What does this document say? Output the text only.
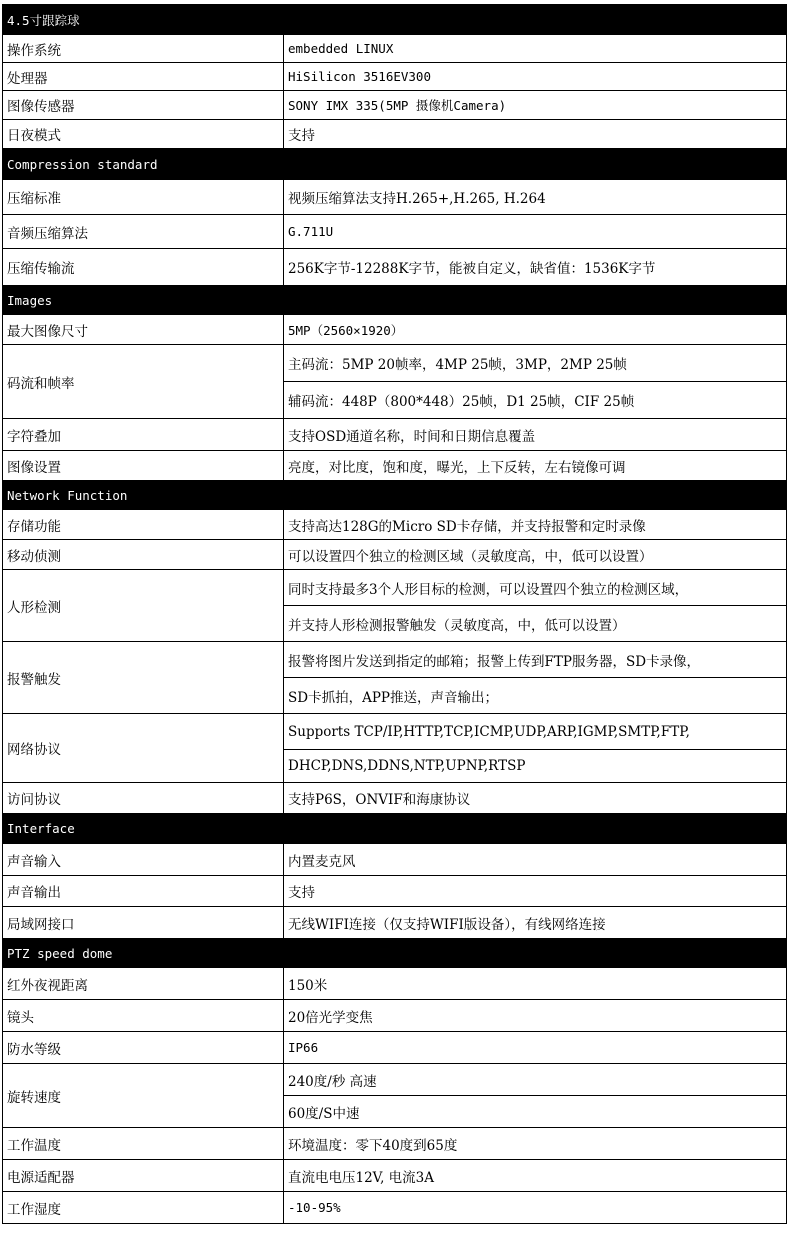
4.5寸跟踪球	
操作系统	embedded LINUX
处理器	HiSilicon 3516EV300
图像传感器	SONY IMX 335(5MP 摄像机Camera)
日夜模式	支持
Compression standard	
压缩标准	视频压缩算法支持H.265+,H.265, H.264
音频压缩算法	G.711U
压缩传输流	256K字节-12288K字节，能被自定义，缺省值：1536K字节
Images	
最大图像尺寸	5MP（2560×1920）
码流和帧率	主码流：5MP 20帧率，4MP 25帧，3MP，2MP 25帧
	辅码流：448P（800*448）25帧，D1 25帧，CIF 25帧
字符叠加	支持OSD通道名称，时间和日期信息覆盖
图像设置	亮度，对比度，饱和度，曝光，上下反转，左右镜像可调
Network Function	
存储功能	支持高达128G的Micro SD卡存储，并支持报警和定时录像
移动侦测	可以设置四个独立的检测区域（灵敏度高，中，低可以设置）
人形检测	同时支持最多3个人形目标的检测，可以设置四个独立的检测区域，
	并支持人形检测报警触发（灵敏度高，中，低可以设置）
报警触发	报警将图片发送到指定的邮箱；报警上传到FTP服务器，SD卡录像，
	SD卡抓拍，APP推送，声音输出；
网络协议	Supports TCP/IP,HTTP,TCP,ICMP,UDP,ARP,IGMP,SMTP,FTP,
	DHCP,DNS,DDNS,NTP,UPNP,RTSP
访问协议	支持P6S，ONVIF和海康协议
Interface	
声音输入	内置麦克风
声音输出	支持
局域网接口	无线WIFI连接（仅支持WIFI版设备），有线网络连接
PTZ speed dome	
红外夜视距离	150米
镜头	20倍光学变焦
防水等级	IP66
旋转速度	240度/秒 高速
	60度/S中速
工作温度	环境温度：零下40度到65度
电源适配器	直流电电压12V, 电流3A
工作湿度	-10-95%
